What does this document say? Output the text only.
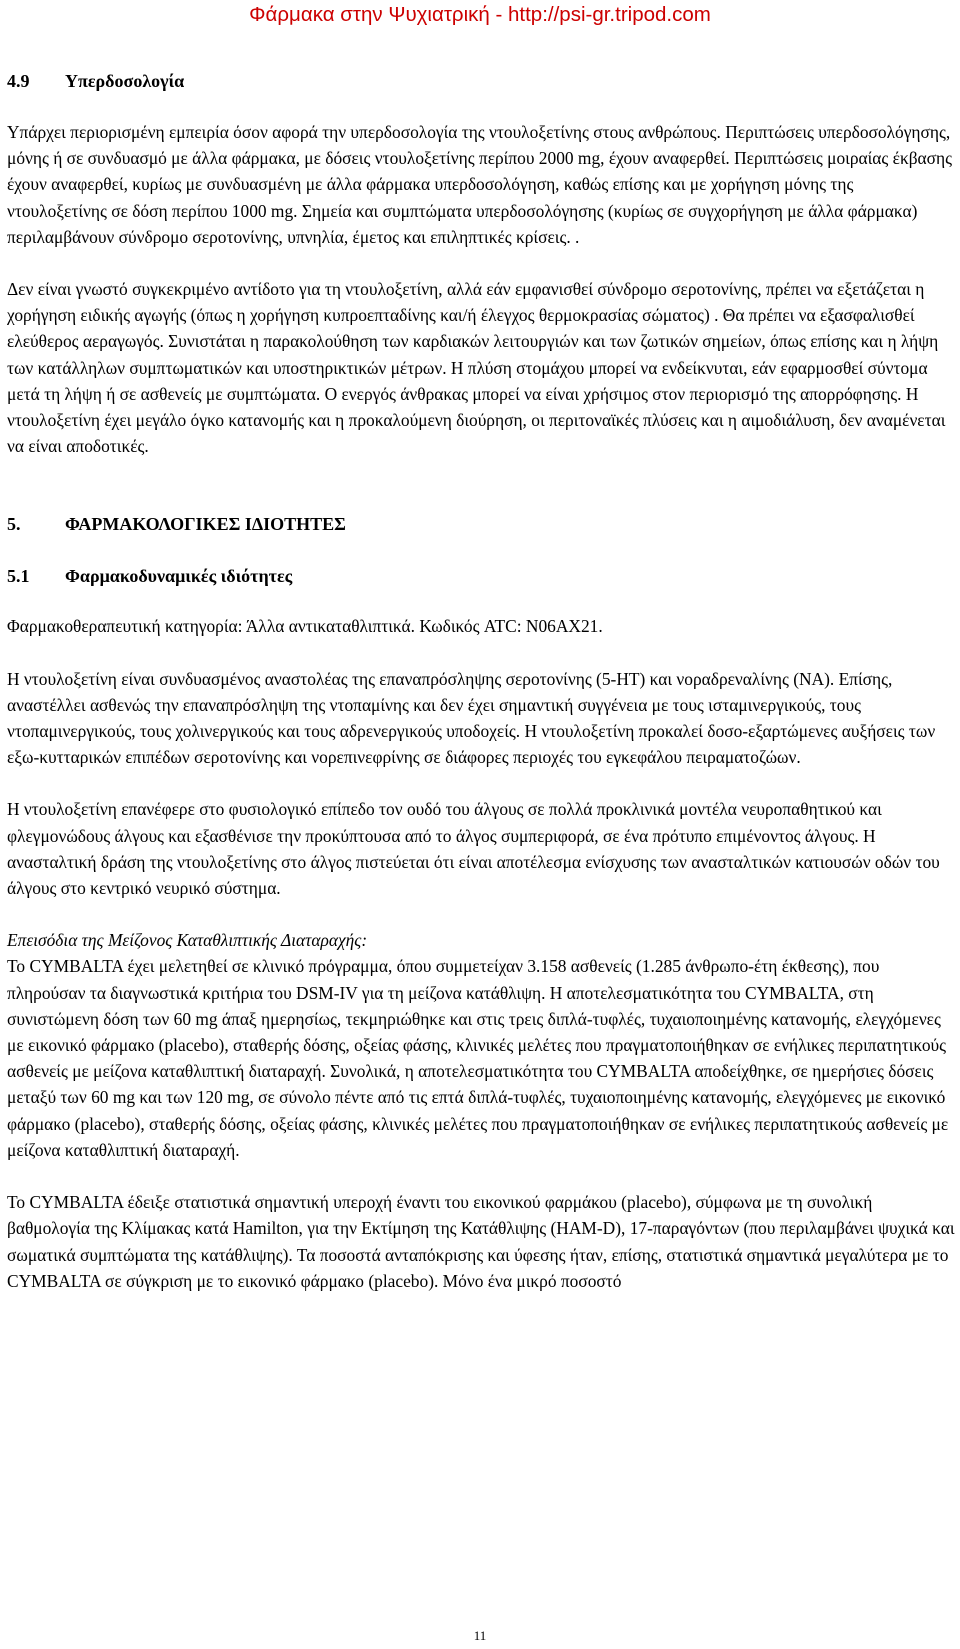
Φάρμακα στην Ψυχιατρική - http://psi-gr.tripod.com
4.9 Υπερδοσολογία

Υπάρχει περιορισμένη εμπειρία όσον αφορά την υπερδοσολογία της ντουλοξετίνης στους ανθρώπους. Περιπτώσεις υπερδοσολόγησης, μόνης ή σε συνδυασμό με άλλα φάρμακα, με δόσεις ντουλοξετίνης περίπου 2000 mg, έχουν αναφερθεί. Περιπτώσεις μοιραίας έκβασης έχουν αναφερθεί, κυρίως με συνδυασμένη με άλλα φάρμακα υπερδοσολόγηση, καθώς επίσης και με χορήγηση μόνης της ντουλοξετίνης σε δόση περίπου 1000 mg. Σημεία και συμπτώματα υπερδοσολόγησης (κυρίως σε συγχορήγηση με άλλα φάρμακα) περιλαμβάνουν σύνδρομο σεροτονίνης, υπνηλία, έμετος και επιληπτικές κρίσεις. .

Δεν είναι γνωστό συγκεκριμένο αντίδοτο για τη ντουλοξετίνη, αλλά εάν εμφανισθεί σύνδρομο σεροτονίνης, πρέπει να εξετάζεται η χορήγηση ειδικής αγωγής (όπως η χορήγηση κυπροεπταδίνης και/ή έλεγχος θερμοκρασίας σώματος) . Θα πρέπει να εξασφαλισθεί ελεύθερος αεραγωγός. Συνιστάται η παρακολούθηση των καρδιακών λειτουργιών και των ζωτικών σημείων, όπως επίσης και η λήψη των κατάλληλων συμπτωματικών και υποστηρικτικών μέτρων. Η πλύση στομάχου μπορεί να ενδείκνυται, εάν εφαρμοσθεί σύντομα μετά τη λήψη ή σε ασθενείς με συμπτώματα. Ο ενεργός άνθρακας μπορεί να είναι χρήσιμος στον περιορισμό της απορρόφησης. Η ντουλοξετίνη έχει μεγάλο όγκο κατανομής και η προκαλούμενη διούρηση, οι περιτοναϊκές πλύσεις και η αιμοδιάλυση, δεν αναμένεται να είναι αποδοτικές.

5. ΦΑΡΜΑΚΟΛΟΓΙΚΕΣ ΙΔΙΟΤΗΤΕΣ
5.1 Φαρμακοδυναμικές ιδιότητες

Φαρμακοθεραπευτική κατηγορία: Άλλα αντικαταθλιπτικά. Κωδικός ATC: N06AX21.

Η ντουλοξετίνη είναι συνδυασμένος αναστολέας της επαναπρόσληψης σεροτονίνης (5-HT) και νοραδρεναλίνης (NA). Επίσης, αναστέλλει ασθενώς την επαναπρόσληψη της ντοπαμίνης και δεν έχει σημαντική συγγένεια με τους ισταμινεργικούς, τους ντοπαμινεργικούς, τους χολινεργικούς και τους αδρενεργικούς υποδοχείς. Η ντουλοξετίνη προκαλεί δοσο-εξαρτώμενες αυξήσεις των εξω-κυτταρικών επιπέδων σεροτονίνης και νορεπινεφρίνης σε διάφορες περιοχές του εγκεφάλου πειραματοζώων.

Η ντουλοξετίνη επανέφερε στο φυσιολογικό επίπεδο τον ουδό του άλγους σε πολλά προκλινικά μοντέλα νευροπαθητικού και φλεγμονώδους άλγους και εξασθένισε την προκύπτουσα από το άλγος συμπεριφορά, σε ένα πρότυπο επιμένοντος άλγους. Η ανασταλτική δράση της ντουλοξετίνης στο άλγος πιστεύεται ότι είναι αποτέλεσμα ενίσχυσης των ανασταλτικών κατιουσών οδών του άλγους στο κεντρικό νευρικό σύστημα.

Επεισόδια της Μείζονος Καταθλιπτικής Διαταραχής:

Το CYMBALTA έχει μελετηθεί σε κλινικό πρόγραμμα, όπου συμμετείχαν 3.158 ασθενείς (1.285 άνθρωπο-έτη έκθεσης), που πληρούσαν τα διαγνωστικά κριτήρια του DSM-IV για τη μείζονα κατάθλιψη. Η αποτελεσματικότητα του CYMBALTA, στη συνιστώμενη δόση των 60 mg άπαξ ημερησίως, τεκμηριώθηκε και στις τρεις διπλά-τυφλές, τυχαιοποιημένης κατανομής, ελεγχόμενες με εικονικό φάρμακο (placebo), σταθερής δόσης, οξείας φάσης, κλινικές μελέτες που πραγματοποιήθηκαν σε ενήλικες περιπατητικούς ασθενείς με μείζονα καταθλιπτική διαταραχή. Συνολικά, η αποτελεσματικότητα του CYMBALTA αποδείχθηκε, σε ημερήσιες δόσεις μεταξύ των 60 mg και των 120 mg, σε σύνολο πέντε από τις επτά διπλά-τυφλές, τυχαιοποιημένης κατανομής, ελεγχόμενες με εικονικό φάρμακο (placebo), σταθερής δόσης, οξείας φάσης, κλινικές μελέτες που πραγματοποιήθηκαν σε ενήλικες περιπατητικούς ασθενείς με μείζονα καταθλιπτική διαταραχή.

Το CYMBALTA έδειξε στατιστικά σημαντική υπεροχή έναντι του εικονικού φαρμάκου (placebo), σύμφωνα με τη συνολική βαθμολογία της Κλίμακας κατά Hamilton, για την Εκτίμηση της Κατάθλιψης (HAM-D), 17-παραγόντων (που περιλαμβάνει ψυχικά και σωματικά συμπτώματα της κατάθλιψης). Τα ποσοστά ανταπόκρισης και ύφεσης ήταν, επίσης, στατιστικά σημαντικά μεγαλύτερα με το CYMBALTA σε σύγκριση με το εικονικό φάρμακο (placebo). Μόνο ένα μικρό ποσοστό

11
